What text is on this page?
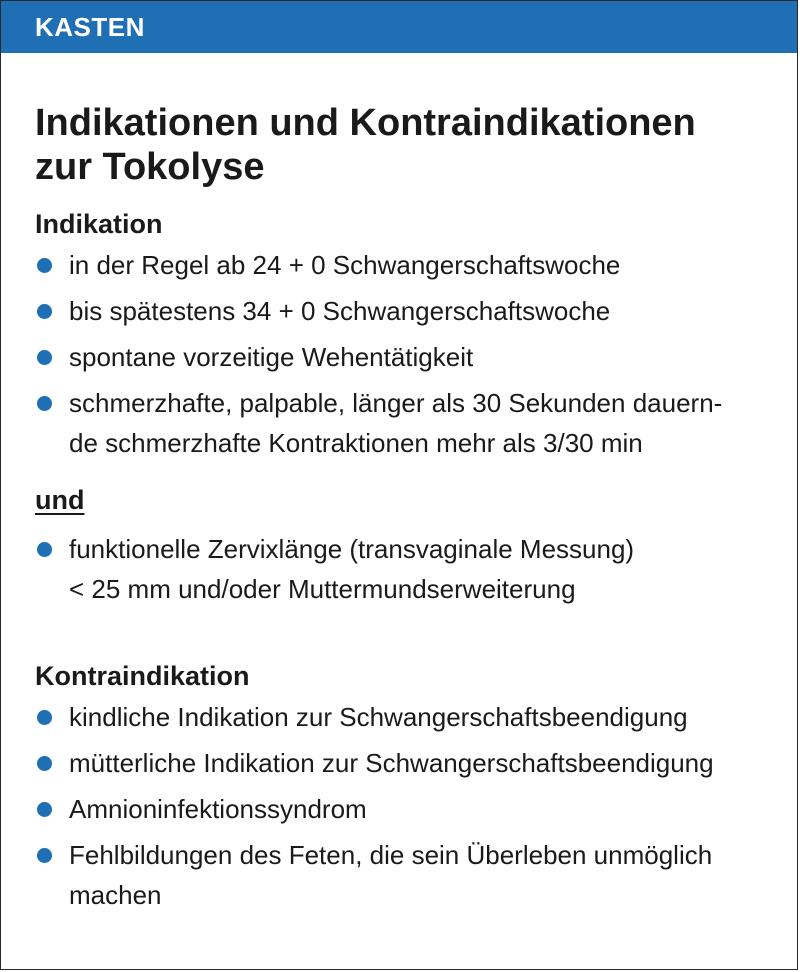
KASTEN
Indikationen und Kontraindikationen
zur Tokolyse
Indikation
in der Regel ab 24 + 0 Schwangerschaftswoche
bis spätestens 34 + 0 Schwangerschaftswoche
spontane vorzeitige Wehentätigkeit
schmerzhafte, palpable, länger als 30 Sekunden dauern-
de schmerzhafte Kontraktionen mehr als 3/30 min
und
funktionelle Zervixlänge (transvaginale Messung)
< 25 mm und/oder Muttermundserweiterung
Kontraindikation
kindliche Indikation zur Schwangerschaftsbeendigung
mütterliche Indikation zur Schwangerschaftsbeendigung
Amnioninfektionssyndrom
Fehlbildungen des Feten, die sein Überleben unmöglich
machen
